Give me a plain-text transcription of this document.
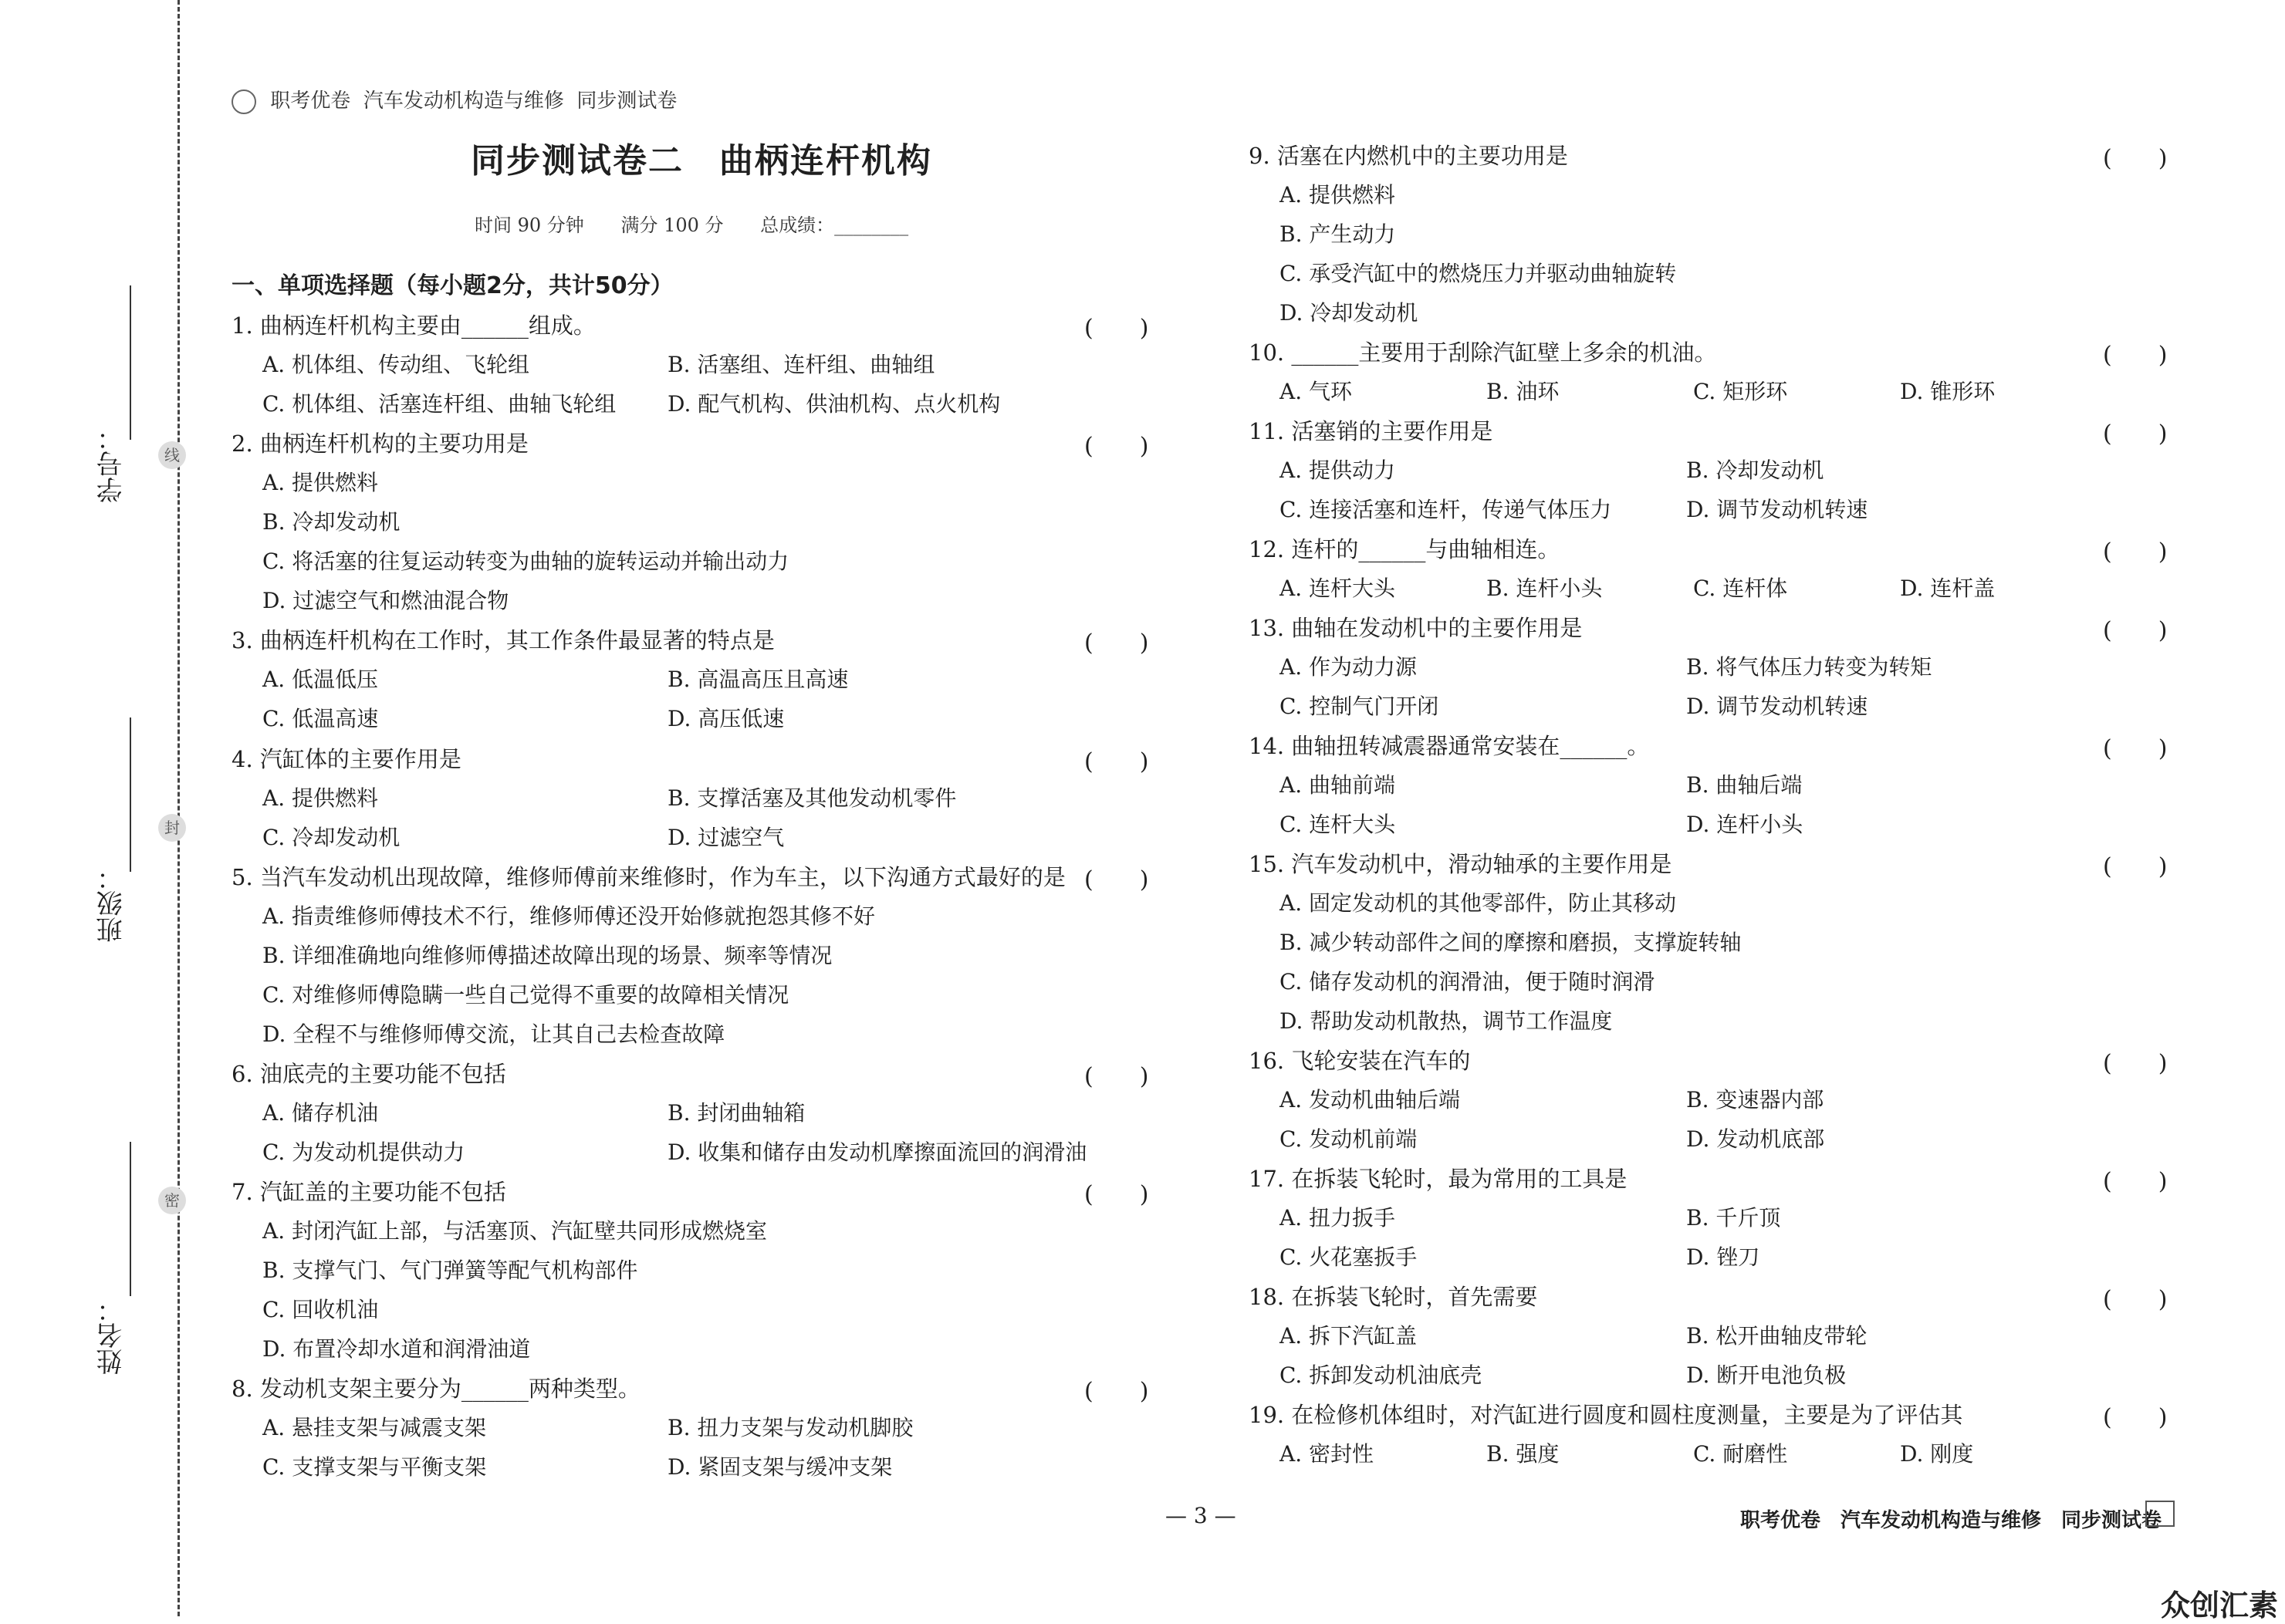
学号：	线
班级：
封
姓名：
密
职考优卷 汽车发动机构造与维修 同步测试卷
同步测试卷二　曲柄连杆机构
时间 90 分钟 满分 100 分 总成绩：________
一、单项选择题（每小题2分，共计50分）
1. 曲柄连杆机构主要由______组成。	(　　)
A. 机体组、传动组、飞轮组	B. 活塞组、连杆组、曲轴组
C. 机体组、活塞连杆组、曲轴飞轮组 D. 配气机构、供油机构、点火机构
2. 曲柄连杆机构的主要功用是	(　　)
A. 提供燃料
B. 冷却发动机
C. 将活塞的往复运动转变为曲轴的旋转运动并输出动力
D. 过滤空气和燃油混合物
3. 曲柄连杆机构在工作时，其工作条件最显著的特点是	(　　)
A. 低温低压	B. 高温高压且高速
C. 低温高速	D. 高压低速
4. 汽缸体的主要作用是	(　　)
A. 提供燃料	B. 支撑活塞及其他发动机零件
C. 冷却发动机	D. 过滤空气
5. 当汽车发动机出现故障，维修师傅前来维修时，作为车主，以下沟通方式最好的是 (　　)
A. 指责维修师傅技术不行，维修师傅还没开始修就抱怨其修不好
B. 详细准确地向维修师傅描述故障出现的场景、频率等情况
C. 对维修师傅隐瞒一些自己觉得不重要的故障相关情况
D. 全程不与维修师傅交流，让其自己去检查故障
6. 油底壳的主要功能不包括	(　　)
A. 储存机油	B. 封闭曲轴箱
C. 为发动机提供动力	D. 收集和储存由发动机摩擦面流回的润滑油
7. 汽缸盖的主要功能不包括	(　　)
A. 封闭汽缸上部，与活塞顶、汽缸壁共同形成燃烧室
B. 支撑气门、气门弹簧等配气机构部件
C. 回收机油
D. 布置冷却水道和润滑油道
8. 发动机支架主要分为______两种类型。	(　　)
A. 悬挂支架与减震支架	B. 扭力支架与发动机脚胶
C. 支撑支架与平衡支架	D. 紧固支架与缓冲支架
9. 活塞在内燃机中的主要功用是	(　　)
A. 提供燃料
B. 产生动力
C. 承受汽缸中的燃烧压力并驱动曲轴旋转
D. 冷却发动机
10. ______主要用于刮除汽缸壁上多余的机油。	(　　)
A. 气环	B. 油环	C. 矩形环	D. 锥形环
11. 活塞销的主要作用是	(　　)
A. 提供动力	B. 冷却发动机
C. 连接活塞和连杆，传递气体压力	D. 调节发动机转速
12. 连杆的______与曲轴相连。	(　　)
A. 连杆大头	B. 连杆小头	C. 连杆体	D. 连杆盖
13. 曲轴在发动机中的主要作用是	(　　)
A. 作为动力源	B. 将气体压力转变为转矩
C. 控制气门开闭	D. 调节发动机转速
14. 曲轴扭转减震器通常安装在______。	(　　)
A. 曲轴前端	B. 曲轴后端
C. 连杆大头	D. 连杆小头
15. 汽车发动机中，滑动轴承的主要作用是	(　　)
A. 固定发动机的其他零部件，防止其移动
B. 减少转动部件之间的摩擦和磨损，支撑旋转轴
C. 储存发动机的润滑油，便于随时润滑
D. 帮助发动机散热，调节工作温度
16. 飞轮安装在汽车的	(　　)
A. 发动机曲轴后端	B. 变速器内部
C. 发动机前端	D. 发动机底部
17. 在拆装飞轮时，最为常用的工具是	(　　)
A. 扭力扳手	B. 千斤顶
C. 火花塞扳手	D. 锉刀
18. 在拆装飞轮时，首先需要	(　　)
A. 拆下汽缸盖	B. 松开曲轴皮带轮
C. 拆卸发动机油底壳	D. 断开电池负极
19. 在检修机体组时，对汽缸进行圆度和圆柱度测量，主要是为了评估其	(　　)
A. 密封性	B. 强度	C. 耐磨性	D. 刚度
— 3 —	职考优卷　汽车发动机构造与维修　同步测试卷
众创汇素
